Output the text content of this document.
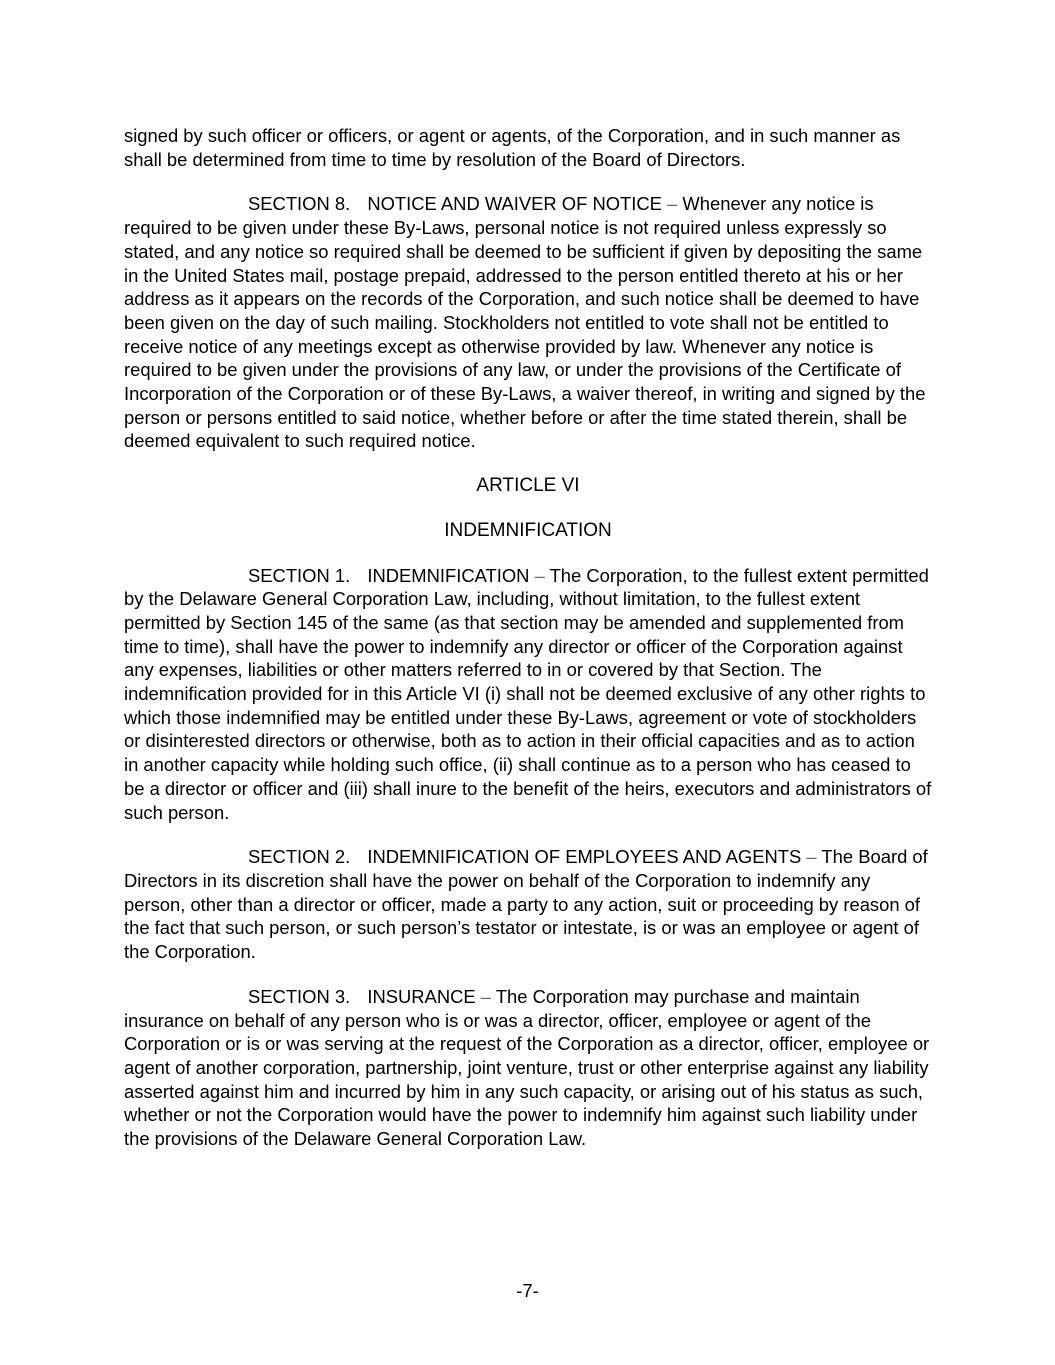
signed by such officer or officers, or agent or agents, of the Corporation, and in such manner as shall be determined from time to time by resolution of the Board of Directors.

SECTION 8. NOTICE AND WAIVER OF NOTICE – Whenever any notice is required to be given under these By-Laws, personal notice is not required unless expressly so stated, and any notice so required shall be deemed to be sufficient if given by depositing the same in the United States mail, postage prepaid, addressed to the person entitled thereto at his or her address as it appears on the records of the Corporation, and such notice shall be deemed to have been given on the day of such mailing. Stockholders not entitled to vote shall not be entitled to receive notice of any meetings except as otherwise provided by law. Whenever any notice is required to be given under the provisions of any law, or under the provisions of the Certificate of Incorporation of the Corporation or of these By-Laws, a waiver thereof, in writing and signed by the person or persons entitled to said notice, whether before or after the time stated therein, shall be deemed equivalent to such required notice.

ARTICLE VI
INDEMNIFICATION

SECTION 1. INDEMNIFICATION – The Corporation, to the fullest extent permitted by the Delaware General Corporation Law, including, without limitation, to the fullest extent permitted by Section 145 of the same (as that section may be amended and supplemented from time to time), shall have the power to indemnify any director or officer of the Corporation against any expenses, liabilities or other matters referred to in or covered by that Section. The indemnification provided for in this Article VI (i) shall not be deemed exclusive of any other rights to which those indemnified may be entitled under these By-Laws, agreement or vote of stockholders or disinterested directors or otherwise, both as to action in their official capacities and as to action in another capacity while holding such office, (ii) shall continue as to a person who has ceased to be a director or officer and (iii) shall inure to the benefit of the heirs, executors and administrators of such person.

SECTION 2. INDEMNIFICATION OF EMPLOYEES AND AGENTS – The Board of Directors in its discretion shall have the power on behalf of the Corporation to indemnify any person, other than a director or officer, made a party to any action, suit or proceeding by reason of the fact that such person, or such person’s testator or intestate, is or was an employee or agent of the Corporation.

SECTION 3. INSURANCE – The Corporation may purchase and maintain insurance on behalf of any person who is or was a director, officer, employee or agent of the Corporation or is or was serving at the request of the Corporation as a director, officer, employee or agent of another corporation, partnership, joint venture, trust or other enterprise against any liability asserted against him and incurred by him in any such capacity, or arising out of his status as such, whether or not the Corporation would have the power to indemnify him against such liability under the provisions of the Delaware General Corporation Law.

-7-
